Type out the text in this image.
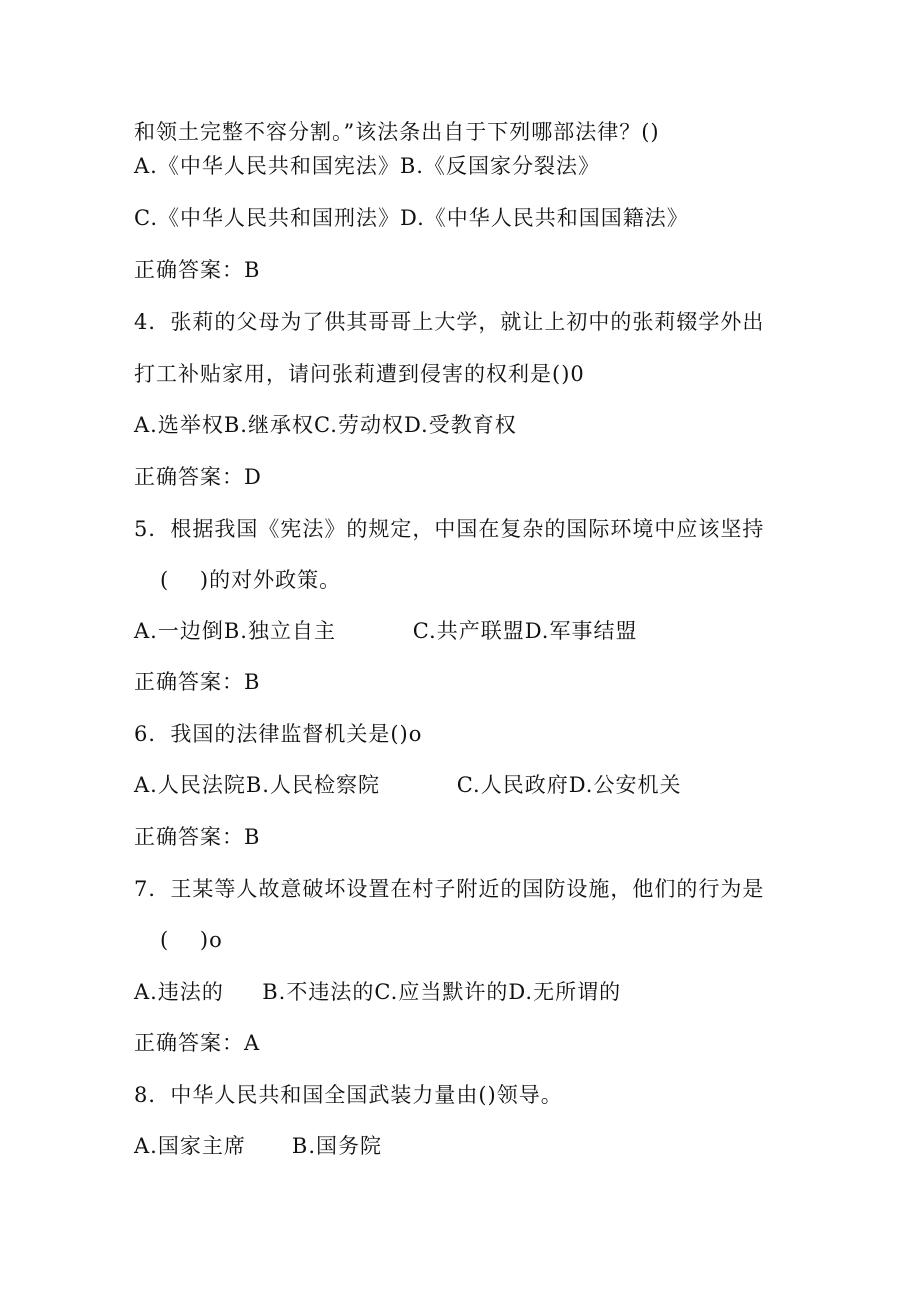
和领土完整不容分割。”该法条出自于下列哪部法律？()
A.《中华人民共和国宪法》B.《反国家分裂法》
C.《中华人民共和国刑法》D.《中华人民共和国国籍法》
正确答案：B
4．张莉的父母为了供其哥哥上大学，就让上初中的张莉辍学外出
打工补贴家用，请问张莉遭到侵害的权利是()0
A.选举权B.继承权C.劳动权D.受教育权
正确答案：D
5．根据我国《宪法》的规定，中国在复杂的国际环境中应该坚持
(    )的对外政策。
A.一边倒B.独立自主          C.共产联盟D.军事结盟
正确答案：B
6．我国的法律监督机关是()o
A.人民法院B.人民检察院          C.人民政府D.公安机关
正确答案：B
7．王某等人故意破坏设置在村子附近的国防设施，他们的行为是
(    )o
A.违法的     B.不违法的C.应当默许的D.无所谓的
正确答案：A
8．中华人民共和国全国武装力量由()领导。
A.国家主席      B.国务院
